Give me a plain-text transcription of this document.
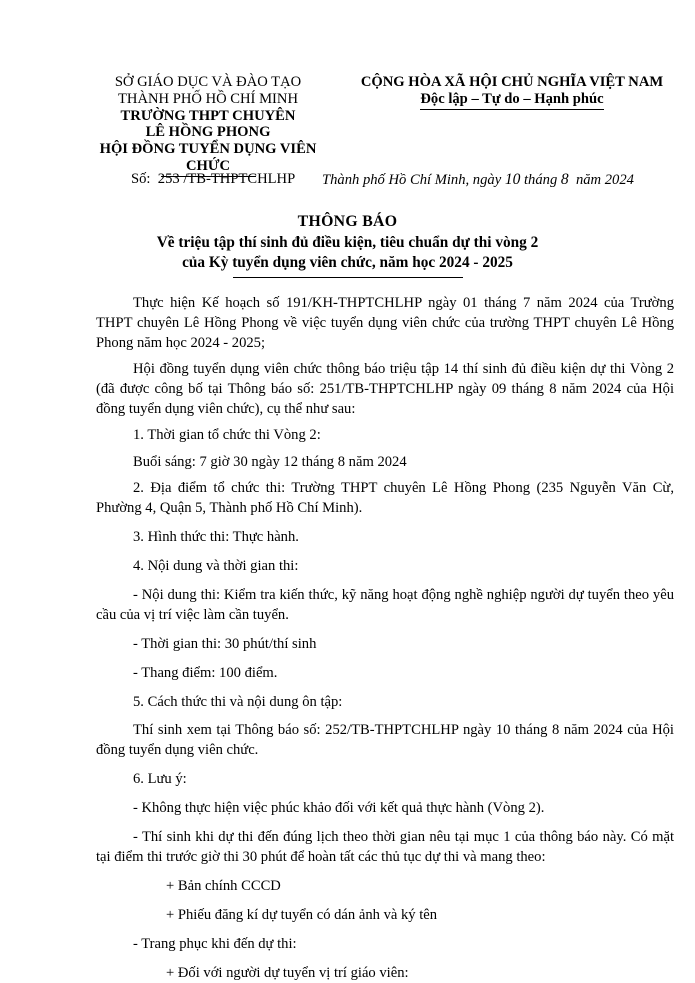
SỞ GIÁO DỤC VÀ ĐÀO TẠO
THÀNH PHỐ HỒ CHÍ MINH
TRƯỜNG THPT CHUYÊN
LÊ HỒNG PHONG
HỘI ĐỒNG TUYỂN DỤNG VIÊN CHỨC
CỘNG HÒA XÃ HỘI CHỦ NGHĨA VIỆT NAM
Độc lập – Tự do – Hạnh phúc
Số: 253 /TB-THPTCHLHP Thành phố Hồ Chí Minh, ngày 10 tháng 8 năm 2024
THÔNG BÁO
Về triệu tập thí sinh đủ điều kiện, tiêu chuẩn dự thi vòng 2
của Kỳ tuyển dụng viên chức, năm học 2024 - 2025

Thực hiện Kế hoạch số 191/KH-THPTCHLHP ngày 01 tháng 7 năm 2024 của Trường THPT chuyên Lê Hồng Phong về việc tuyển dụng viên chức của trường THPT chuyên Lê Hồng Phong năm học 2024 - 2025;

Hội đồng tuyển dụng viên chức thông báo triệu tập 14 thí sinh đủ điều kiện dự thi Vòng 2 (đã được công bố tại Thông báo số: 251/TB-THPTCHLHP ngày 09 tháng 8 năm 2024 của Hội đồng tuyển dụng viên chức), cụ thể như sau:

1. Thời gian tổ chức thi Vòng 2:

Buổi sáng: 7 giờ 30 ngày 12 tháng 8 năm 2024

2. Địa điểm tổ chức thi: Trường THPT chuyên Lê Hồng Phong (235 Nguyễn Văn Cừ, Phường 4, Quận 5, Thành phố Hồ Chí Minh).

3. Hình thức thi: Thực hành.

4. Nội dung và thời gian thi:

- Nội dung thi: Kiểm tra kiến thức, kỹ năng hoạt động nghề nghiệp người dự tuyển theo yêu cầu của vị trí việc làm cần tuyển.

- Thời gian thi: 30 phút/thí sinh

- Thang điểm: 100 điểm.

5. Cách thức thi và nội dung ôn tập:

Thí sinh xem tại Thông báo số: 252/TB-THPTCHLHP ngày 10 tháng 8 năm 2024 của Hội đồng tuyển dụng viên chức.

6. Lưu ý:

- Không thực hiện việc phúc khảo đối với kết quả thực hành (Vòng 2).

- Thí sinh khi dự thi đến đúng lịch theo thời gian nêu tại mục 1 của thông báo này. Có mặt tại điểm thi trước giờ thi 30 phút để hoàn tất các thủ tục dự thi và mang theo:

+ Bản chính CCCD

+ Phiếu đăng kí dự tuyển có dán ảnh và ký tên

- Trang phục khi đến dự thi:

+ Đối với người dự tuyển vị trí giáo viên:
